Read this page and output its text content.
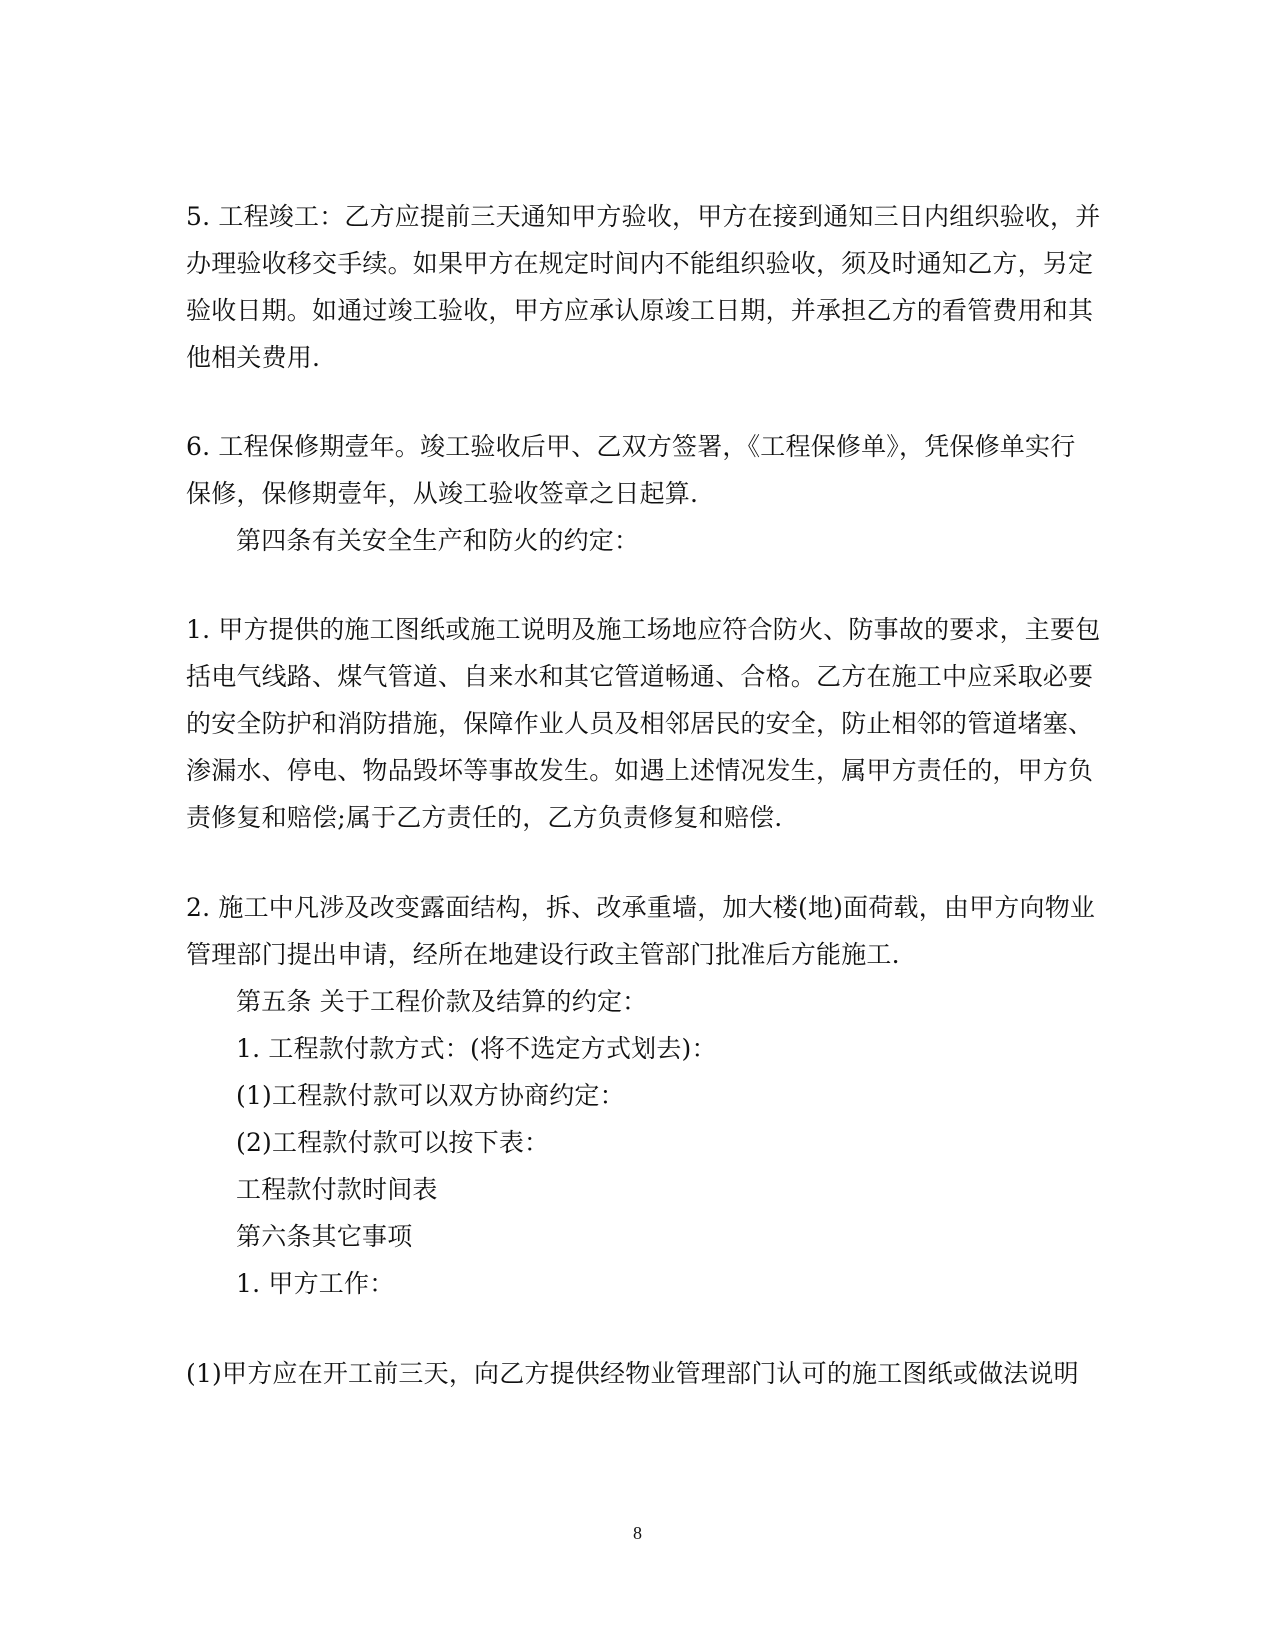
5. 工程竣工：乙方应提前三天通知甲方验收，甲方在接到通知三日内组织验收，并
办理验收移交手续。如果甲方在规定时间内不能组织验收，须及时通知乙方，另定
验收日期。如通过竣工验收，甲方应承认原竣工日期，并承担乙方的看管费用和其
他相关费用.
6. 工程保修期壹年。竣工验收后甲、乙双方签署，《工程保修单》，凭保修单实行
保修，保修期壹年，从竣工验收签章之日起算.
第四条有关安全生产和防火的约定：
1. 甲方提供的施工图纸或施工说明及施工场地应符合防火、防事故的要求，主要包
括电气线路、煤气管道、自来水和其它管道畅通、合格。乙方在施工中应采取必要
的安全防护和消防措施，保障作业人员及相邻居民的安全，防止相邻的管道堵塞、
渗漏水、停电、物品毁坏等事故发生。如遇上述情况发生，属甲方责任的，甲方负
责修复和赔偿;属于乙方责任的，乙方负责修复和赔偿.
2. 施工中凡涉及改变露面结构，拆、改承重墙，加大楼(地)面荷载，由甲方向物业
管理部门提出申请，经所在地建设行政主管部门批准后方能施工.
第五条 关于工程价款及结算的约定：
1. 工程款付款方式：(将不选定方式划去)：
(1)工程款付款可以双方协商约定：
(2)工程款付款可以按下表：
工程款付款时间表
第六条其它事项
1. 甲方工作：
(1)甲方应在开工前三天，向乙方提供经物业管理部门认可的施工图纸或做法说明
8
